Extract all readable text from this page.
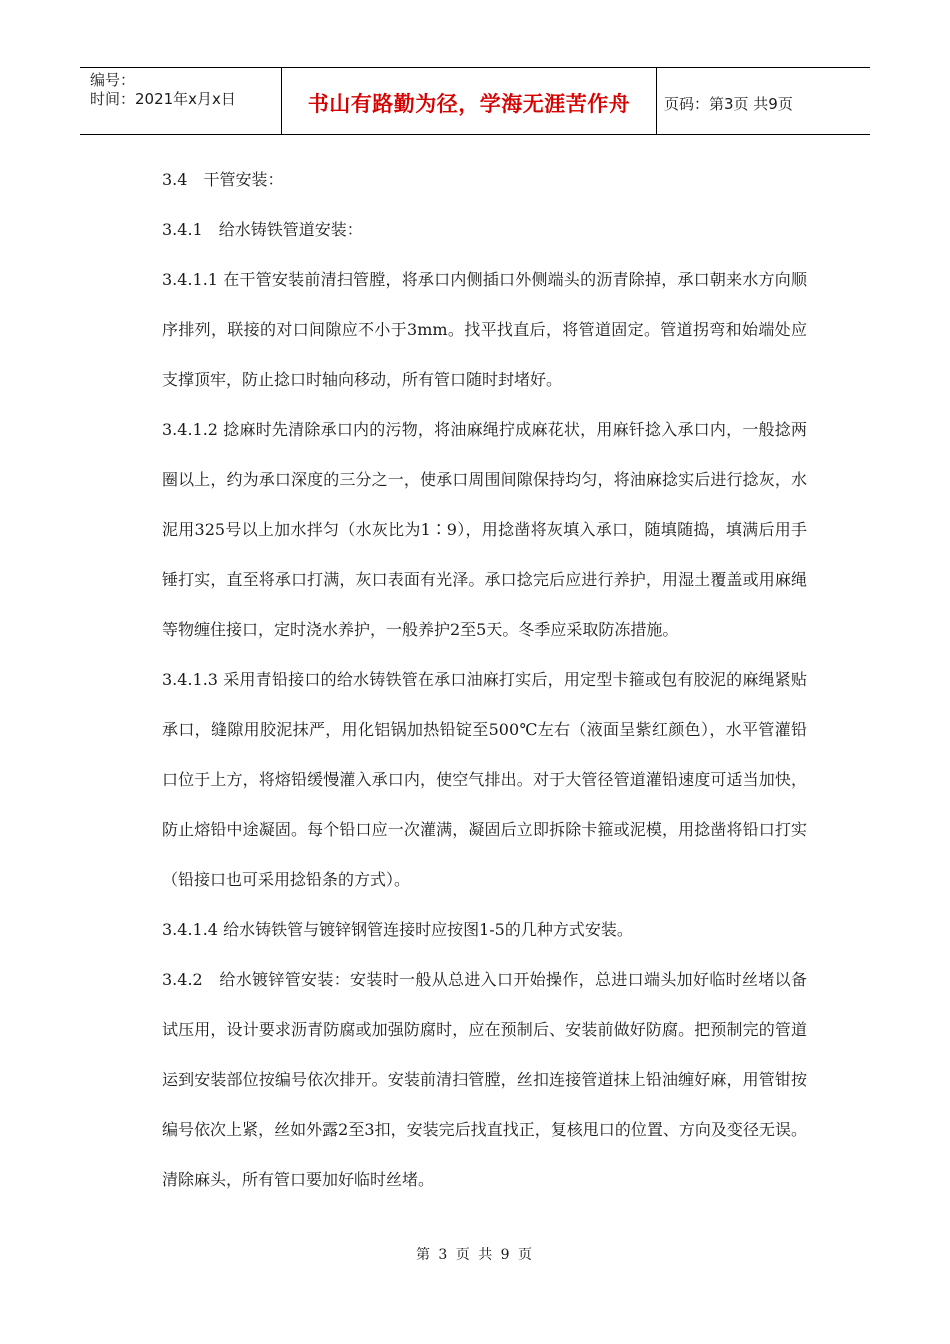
编号：
时间：2021年x月x日	书山有路勤为径，学海无涯苦作舟	页码：第3页 共9页

3.4　干管安装：

3.4.1　给水铸铁管道安装：

3.4.1.1 在干管安装前清扫管膛，将承口内侧插口外侧端头的沥青除掉，承口朝来水方向顺序排列，联接的对口间隙应不小于3mm。找平找直后，将管道固定。管道拐弯和始端处应支撑顶牢，防止捻口时轴向移动，所有管口随时封堵好。

3.4.1.2 捻麻时先清除承口内的污物，将油麻绳拧成麻花状，用麻钎捻入承口内，一般捻两圈以上，约为承口深度的三分之一，使承口周围间隙保持均匀，将油麻捻实后进行捻灰，水泥用325号以上加水拌匀（水灰比为1∶9），用捻凿将灰填入承口，随填随捣，填满后用手锤打实，直至将承口打满，灰口表面有光泽。承口捻完后应进行养护，用湿土覆盖或用麻绳等物缠住接口，定时浇水养护，一般养护2至5天。冬季应采取防冻措施。

3.4.1.3 采用青铅接口的给水铸铁管在承口油麻打实后，用定型卡箍或包有胶泥的麻绳紧贴承口，缝隙用胶泥抹严，用化铝锅加热铅锭至500℃左右（液面呈紫红颜色），水平管灌铅口位于上方，将熔铅缓慢灌入承口内，使空气排出。对于大管径管道灌铅速度可适当加快，防止熔铅中途凝固。每个铅口应一次灌满，凝固后立即拆除卡箍或泥模，用捻凿将铅口打实（铅接口也可采用捻铅条的方式）。

3.4.1.4 给水铸铁管与镀锌钢管连接时应按图1-5的几种方式安装。

3.4.2　给水镀锌管安装：安装时一般从总进入口开始操作，总进口端头加好临时丝堵以备试压用，设计要求沥青防腐或加强防腐时，应在预制后、安装前做好防腐。把预制完的管道运到安装部位按编号依次排开。安装前清扫管膛，丝扣连接管道抹上铅油缠好麻，用管钳按编号依次上紧，丝如外露2至3扣，安装完后找直找正，复核甩口的位置、方向及变径无误。清除麻头，所有管口要加好临时丝堵。

第 3 页 共 9 页
